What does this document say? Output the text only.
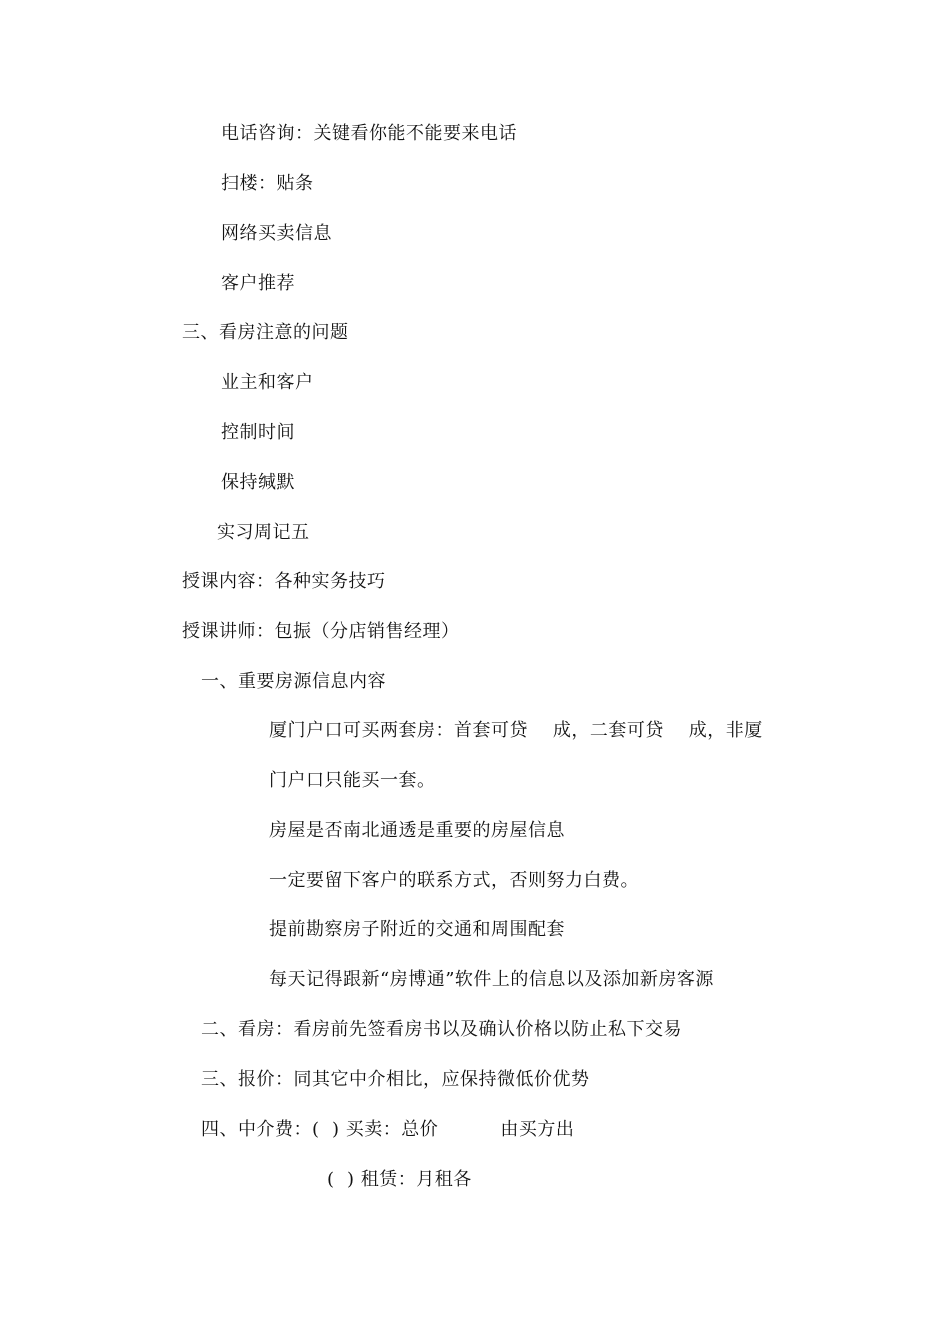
电话咨询：关键看你能不能要来电话
扫楼：贴条
网络买卖信息
客户推荐
三、看房注意的问题
业主和客户
控制时间
保持缄默
实习周记五
授课内容：各种实务技巧
授课讲师：包振（分店销售经理）
一、重要房源信息内容
厦门户口可买两套房：首套可贷    成，二套可贷    成，非厦
门户口只能买一套。
房屋是否南北通透是重要的房屋信息
一定要留下客户的联系方式，否则努力白费。
提前勘察房子附近的交通和周围配套
每天记得跟新“房博通”软件上的信息以及添加新房客源
二、看房：看房前先签看房书以及确认价格以防止私下交易
三、报价：同其它中介相比，应保持微低价优势
四、中介费：(  ) 买卖：总价          由买方出
(  ) 租赁：月租各
